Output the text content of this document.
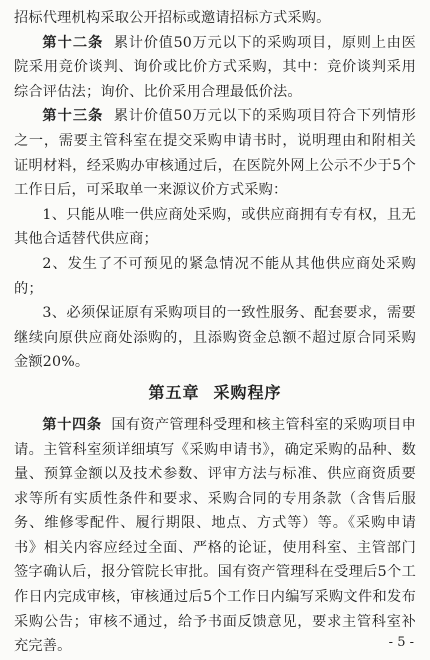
招标代理机构采取公开招标或邀请招标方式采购。

第十二条 累计价值50万元以下的采购项目，原则上由医院采用竞价谈判、询价或比价方式采购，其中：竞价谈判采用综合评估法；询价、比价采用合理最低价法。

第十三条 累计价值50万元以下的采购项目符合下列情形之一，需要主管科室在提交采购申请书时，说明理由和附相关证明材料，经采购办审核通过后，在医院外网上公示不少于5个工作日后，可采取单一来源议价方式采购：

1、只能从唯一供应商处采购，或供应商拥有专有权，且无其他合适替代供应商；

2、发生了不可预见的紧急情况不能从其他供应商处采购的；

3、必须保证原有采购项目的一致性服务、配套要求，需要继续向原供应商处添购的，且添购资金总额不超过原合同采购金额20%。

第五章 采购程序

第十四条 国有资产管理科受理和核主管科室的采购项目申请。主管科室须详细填写《采购申请书》，确定采购的品种、数量、预算金额以及技术参数、评审方法与标准、供应商资质要求等所有实质性条件和要求、采购合同的专用条款（含售后服务、维修零配件、履行期限、地点、方式等）等。《采购申请书》相关内容应经过全面、严格的论证，使用科室、主管部门签字确认后，报分管院长审批。国有资产管理科在受理后5个工作日内完成审核，审核通过后5个工作日内编写采购文件和发布采购公告；审核不通过，给予书面反馈意见，要求主管科室补充完善。	- 5 -
